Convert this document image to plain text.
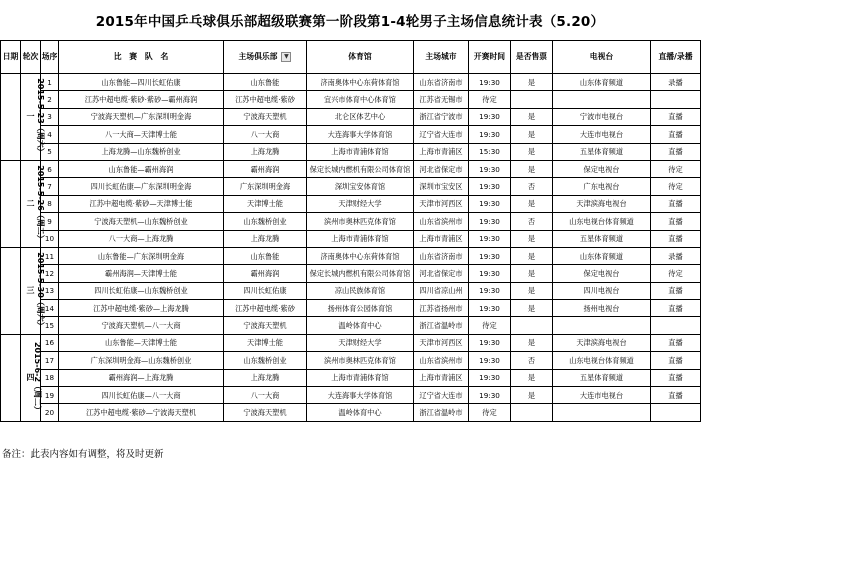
2015年中国乒乓球俱乐部超级联赛第一阶段第1-4轮男子主场信息统计表（5.20）
日期	轮次	场序	比　赛　队　名	主场俱乐部 ▼	体育馆	主场城市	开赛时间	是否售票	电视台	直播/录播
2015-5-23（周六）	一	1	山东鲁能—四川长虹佑康	山东鲁能	济南奥体中心东荷体育馆	山东省济南市	19:30	是	山东体育频道	录播
		2	江苏中超电缆·紫砂·紫砂—霸州海润	江苏中超电缆·紫砂	宜兴市体育中心体育馆	江苏省无锡市	待定			
		3	宁波海天塑机—广东深圳明金海	宁波海天塑机	北仑区体艺中心	浙江省宁波市	19:30	是	宁波市电视台	直播
		4	八一大商—天津博士能	八一大商	大连海事大学体育馆	辽宁省大连市	19:30	是	大连市电视台	直播
		5	上海龙腾—山东魏桥创业	上海龙腾	上海市青浦体育馆	上海市青浦区	15:30	是	五星体育频道	直播
2015-5-26（周二）	二	6	山东鲁能—霸州海润	霸州海润	保定长城内燃机有限公司体育馆	河北省保定市	19:30	是	保定电视台	待定
		7	四川长虹佑康—广东深圳明金海	广东深圳明金海	深圳宝安体育馆	深圳市宝安区	19:30	否	广东电视台	待定
		8	江苏中超电缆·紫砂—天津博士能	天津博士能	天津财经大学	天津市河西区	19:30	是	天津滨海电视台	直播
		9	宁波海天塑机—山东魏桥创业	山东魏桥创业	滨州市奥林匹克体育馆	山东省滨州市	19:30	否	山东电视台体育频道	直播
		10	八一大商—上海龙腾	上海龙腾	上海市青浦体育馆	上海市青浦区	19:30	是	五星体育频道	直播
2015-5-30（周六）	三	11	山东鲁能—广东深圳明金海	山东鲁能	济南奥体中心东荷体育馆	山东省济南市	19:30	是	山东体育频道	录播
		12	霸州海润—天津博士能	霸州海润	保定长城内燃机有限公司体育馆	河北省保定市	19:30	是	保定电视台	待定
		13	四川长虹佑康—山东魏桥创业	四川长虹佑康	凉山民族体育馆	四川省凉山州	19:30	是	四川电视台	直播
		14	江苏中超电缆·紫砂—上海龙腾	江苏中超电缆·紫砂	扬州体育公园体育馆	江苏省扬州市	19:30	是	扬州电视台	直播
		15	宁波海天塑机—八一大商	宁波海天塑机	温岭体育中心	浙江省温岭市	待定			
2015-6-2（周二）	四	16	山东鲁能—天津博士能	天津博士能	天津财经大学	天津市河西区	19:30	是	天津滨海电视台	直播
		17	广东深圳明金海—山东魏桥创业	山东魏桥创业	滨州市奥林匹克体育馆	山东省滨州市	19:30	否	山东电视台体育频道	直播
		18	霸州海润—上海龙腾	上海龙腾	上海市青浦体育馆	上海市青浦区	19:30	是	五星体育频道	直播
		19	四川长虹佑康—八一大商	八一大商	大连海事大学体育馆	辽宁省大连市	19:30	是	大连市电视台	直播
		20	江苏中超电缆·紫砂—宁波海天塑机	宁波海天塑机	温岭体育中心	浙江省温岭市	待定			
备注：此表内容如有调整，将及时更新
